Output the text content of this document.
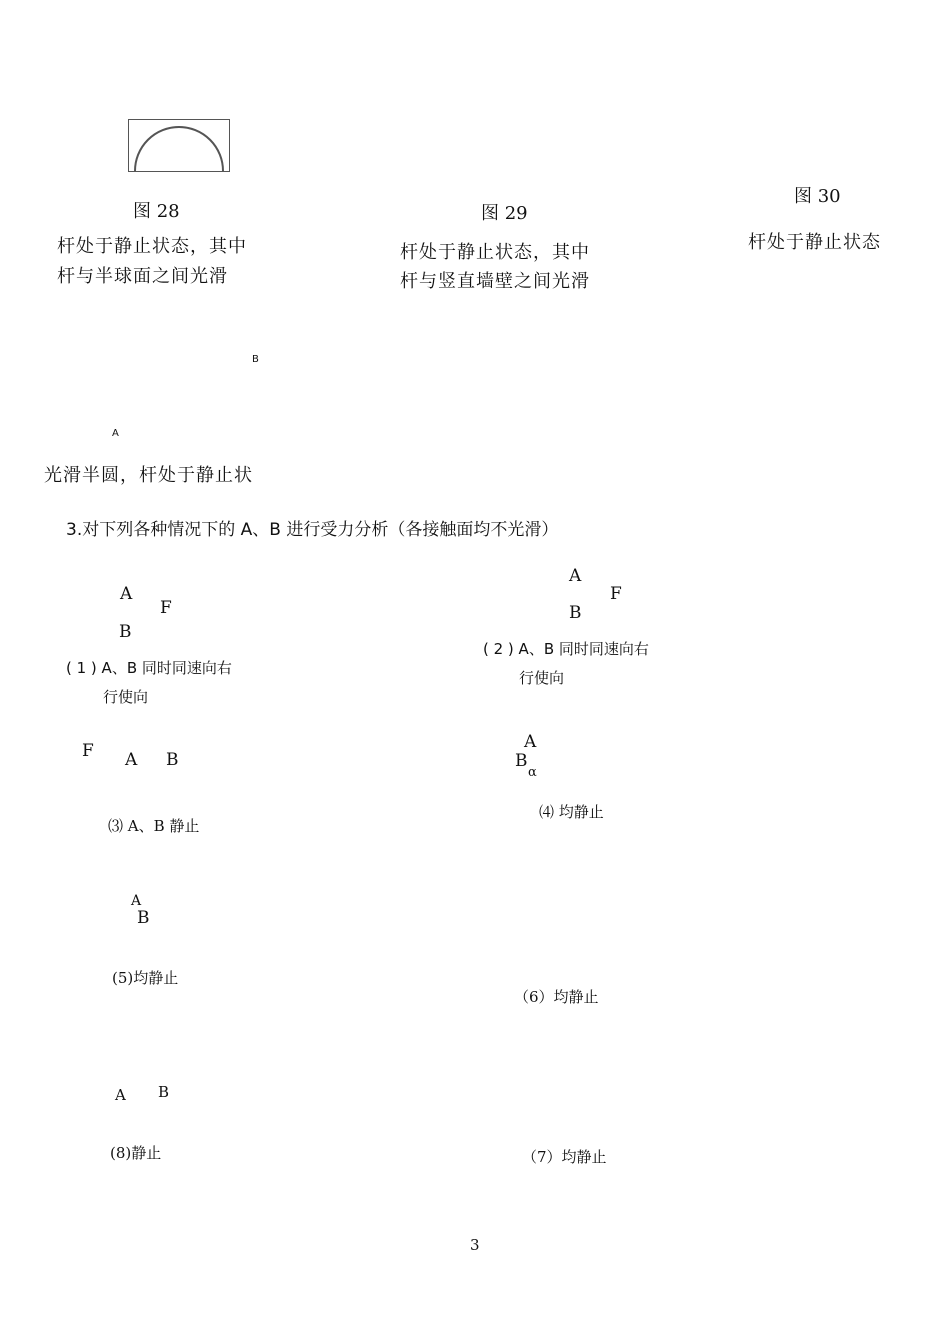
图 28
杆处于静止状态，其中
杆与半球面之间光滑
图 29
杆处于静止状态，其中
杆与竖直墙壁之间光滑
图 30
杆处于静止状态
B
A
光滑半圆，杆处于静止状
3.对下列各种情况下的 A、B 进行受力分析（各接触面均不光滑）
A
F
B
( 1 ) A、B 同时同速向右
行使向
A
F
B
( 2 ) A、B 同时同速向右
行使向
F A B
⑶ A、B 静止
A
B
α
⑷ 均静止
A
B
(5)均静止
（6）均静止
A B
(8)静止	（7）均静止
3
